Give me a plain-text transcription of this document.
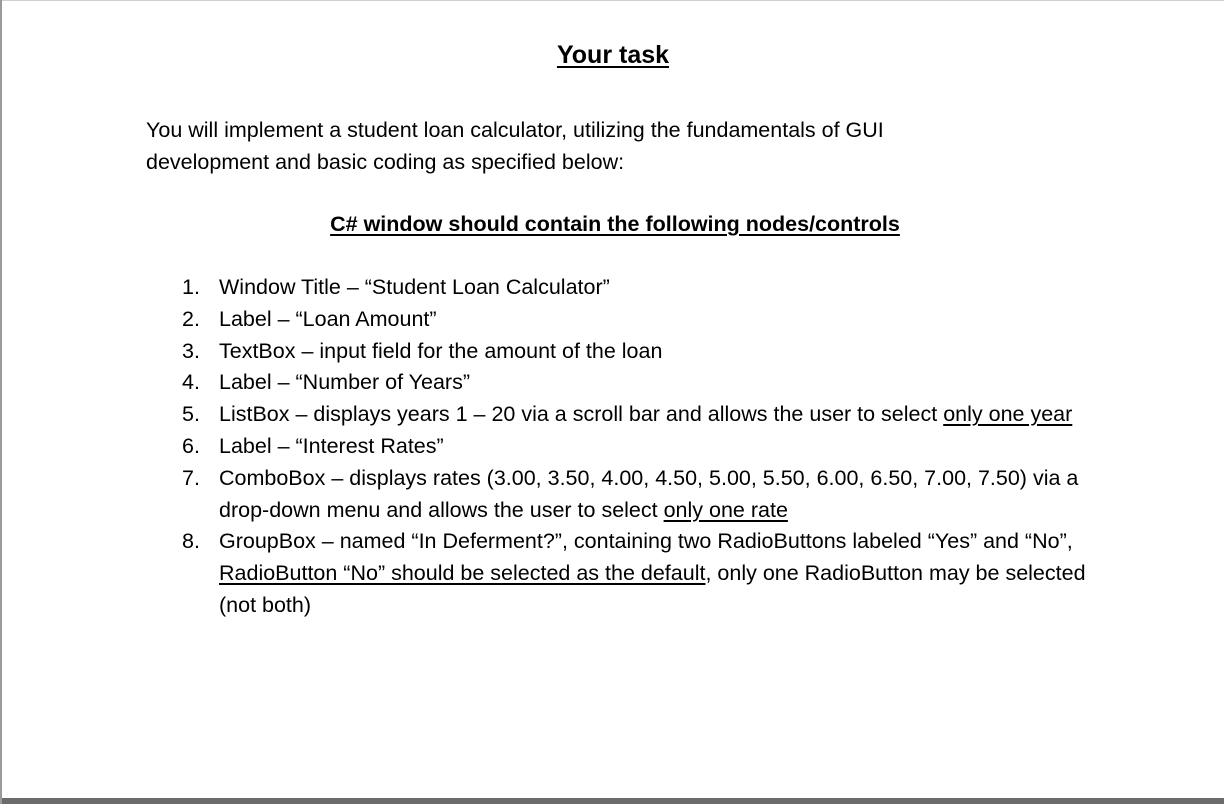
Your task
You will implement a student loan calculator, utilizing the fundamentals of GUI
development and basic coding as specified below:
C# window should contain the following nodes/controls
1. Window Title – “Student Loan Calculator”
2. Label – “Loan Amount”
3. TextBox – input field for the amount of the loan
4. Label – “Number of Years”
5. ListBox – displays years 1 – 20 via a scroll bar and allows the user to select only one year
6. Label – “Interest Rates”
7. ComboBox – displays rates (3.00, 3.50, 4.00, 4.50, 5.00, 5.50, 6.00, 6.50, 7.00, 7.50) via a drop-down menu and allows the user to select only one rate
8. GroupBox – named “In Deferment?”, containing two RadioButtons labeled “Yes” and “No”, RadioButton “No” should be selected as the default, only one RadioButton may be selected (not both)
